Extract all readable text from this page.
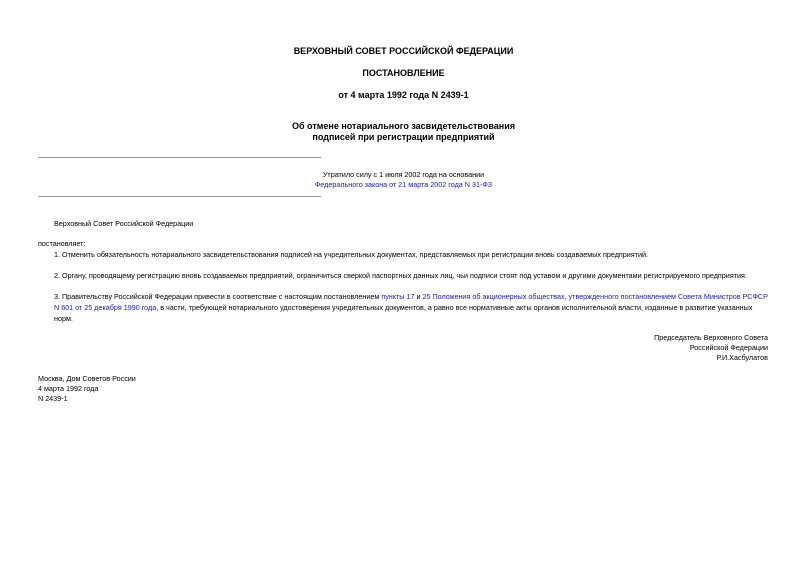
ВЕРХОВНЫЙ СОВЕТ РОССИЙСКОЙ ФЕДЕРАЦИИ
ПОСТАНОВЛЕНИЕ
от 4 марта 1992 года N 2439-1
Об отмене нотариального засвидетельствования
подписей при регистрации предприятий
Утратило силу с 1 июля 2002 года на основании
Федерального закона от 21 марта 2002 года N 31-ФЗ
Верховный Совет Российской Федерации
постановляет:
1. Отменить обязательность нотариального засвидетельствования подписей на учредительных документах, представляемых при регистрации вновь создаваемых предприятий.
2. Органу, проводящему регистрацию вновь создаваемых предприятий, ограничиться сверкой паспортных данных лиц, чьи подписи стоят под уставом и другими документами регистрируемого предприятия.
3. Правительству Российской Федерации привести в соответствие с настоящим постановлением пункты 17 и 25 Положения об акционерных обществах, утвержденного постановлением Совета Министров РСФСР N 601 от 25 декабря 1990 года, в части, требующей нотариального удостоверения учредительных документов, а равно все нормативные акты органов исполнительной власти, изданные в развитие указанных норм.
Председатель Верховного Совета
Российской Федерации
Р.И.Хасбулатов
Москва, Дом Советов России
4 марта 1992 года
N 2439-1
